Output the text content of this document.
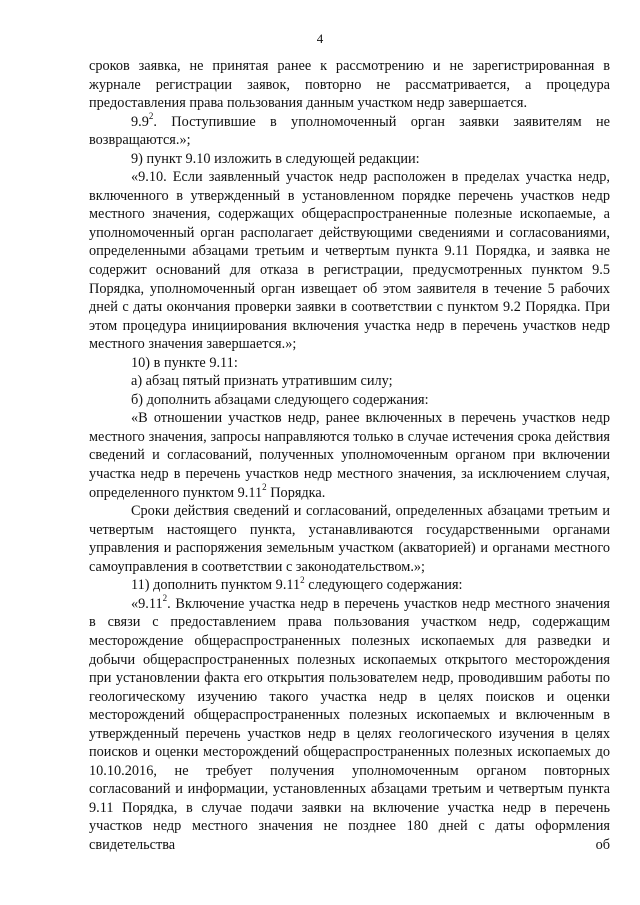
4

сроков заявка, не принятая ранее к рассмотрению и не зарегистрированная в журнале регистрации заявок, повторно не рассматривается, а процедура предоставления права пользования данным участком недр завершается.

$9.9^2$. Поступившие в уполномоченный орган заявки заявителям не возвращаются.»;

9) пункт 9.10 изложить в следующей редакции:

«9.10. Если заявленный участок недр расположен в пределах участка недр, включенного в утвержденный в установленном порядке перечень участков недр местного значения, содержащих общераспространенные полезные ископаемые, а уполномоченный орган располагает действующими сведениями и согласованиями, определенными абзацами третьим и четвертым пункта 9.11 Порядка, и заявка не содержит оснований для отказа в регистрации, предусмотренных пунктом 9.5 Порядка, уполномоченный орган извещает об этом заявителя в течение 5 рабочих дней с даты окончания проверки заявки в соответствии с пунктом 9.2 Порядка. При этом процедура инициирования включения участка недр в перечень участков недр местного значения завершается.»;

10) в пункте 9.11:

а) абзац пятый признать утратившим силу;

б) дополнить абзацами следующего содержания:

«В отношении участков недр, ранее включенных в перечень участков недр местного значения, запросы направляются только в случае истечения срока действия сведений и согласований, полученных уполномоченным органом при включении участка недр в перечень участков недр местного значения, за исключением случая, определенного пунктом 9.11$^2$ Порядка.

Сроки действия сведений и согласований, определенных абзацами третьим и четвертым настоящего пункта, устанавливаются государственными органами управления и распоряжения земельным участком (акваторией) и органами местного самоуправления в соответствии с законодательством.»;

11) дополнить пунктом 9.11$^2$ следующего содержания:

«9.11$^2$. Включение участка недр в перечень участков недр местного значения в связи с предоставлением права пользования участком недр, содержащим месторождение общераспространенных полезных ископаемых для разведки и добычи общераспространенных полезных ископаемых открытого месторождения при установлении факта его открытия пользователем недр, проводившим работы по геологическому изучению такого участка недр в целях поисков и оценки месторождений общераспространенных полезных ископаемых и включенным в утвержденный перечень участков недр в целях геологического изучения в целях поисков и оценки месторождений общераспространенных полезных ископаемых до 10.10.2016, не требует получения уполномоченным органом повторных согласований и информации, установленных абзацами третьим и четвертым пункта 9.11 Порядка, в случае подачи заявки на включение участка недр в перечень участков недр местного значения не позднее 180 дней с даты оформления свидетельства об
